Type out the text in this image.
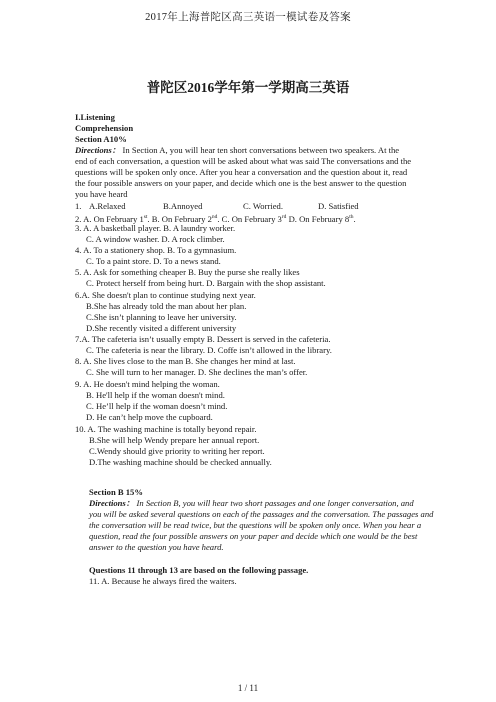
2017年上海普陀区高三英语一模试卷及答案
普陀区2016学年第一学期高三英语
I.Listening
Comprehension
Section A10%
Directions： In Section A, you will hear ten short conversations between two speakers. At the
end of each conversation, a question will be asked about what was said The conversations and the
questions will be spoken only once. After you hear a conversation and the question about it, read
the four possible answers on your paper, and decide which one is the best answer to the question
you have heard
1. A.Relaxed	B.Annoyed	C. Worried.	D. Satisfied
2. A. On February 1st. B. On February 2nd. C. On February 3rd D. On February 8th.
3. A. A basketball player. B. A laundry worker.
C. A window washer. D. A rock climber.
4. A. To a stationery shop. B. To a gymnasium.
C. To a paint store. D. To a news stand.
5. A. Ask for something cheaper B. Buy the purse she really likes
C. Protect herself from being hurt. D. Bargain with the shop assistant.
6.A. She doesn't plan to continue studying next year.
B.She has already told the man about her plan.
C.She isn’t planning to leave her university.
D.She recently visited a different university
7.A. The cafeteria isn’t usually empty B. Dessert is served in the cafeteria.
C. The cafeteria is near the library. D. Coffe isn’t allowed in the library.
8. A. She lives close to the man B. She changes her mind at last.
C. She will turn to her manager. D. She declines the man’s offer.
9. A. He doesn't mind helping the woman.
B. He'll help if the woman doesn't mind.
C. He’ll help if the woman doesn’t mind.
D. He can’t help move the cupboard.
10. A. The washing machine is totally beyond repair.
B.She will help Wendy prepare her annual report.
C.Wendy should give priority to writing her report.
D.The washing machine should be checked annually.
Section B 15%
Directions： In Section B, you will hear two short passages and one longer conversation, and
you will be asked several questions on each of the passages and the conversation. The passages and
the conversation will be read twice, but the questions will be spoken only once. When you hear a
question, read the four possible answers on your paper and decide which one would be the best
answer to the question you have heard.
Questions 11 through 13 are based on the following passage.
11. A. Because he always fired the waiters.
1 / 11
